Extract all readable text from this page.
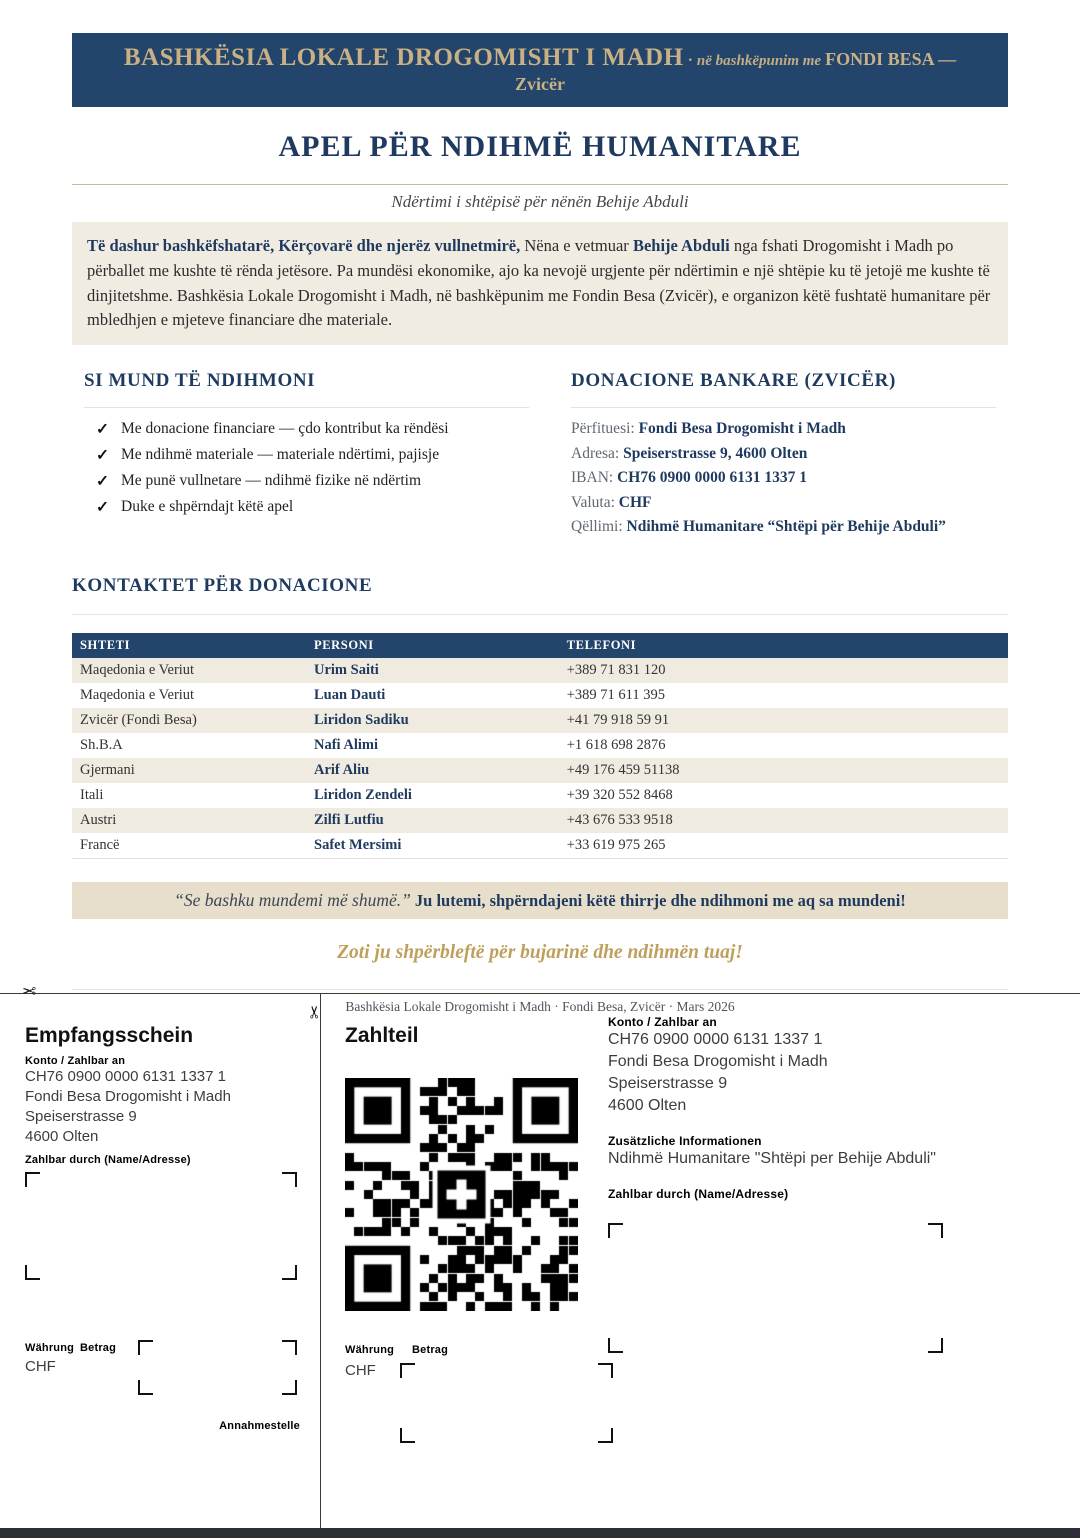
BASHKËSIA LOKALE DROGOMISHT I MADH · në bashkëpunim me FONDI BESA —
Zvicër
APEL PËR NDIHMË HUMANITARE
Ndërtimi i shtëpisë për nënën Behije Abduli
Të dashur bashkëfshatarë, Kërçovarë dhe njerëz vullnetmirë, Nëna e vetmuar Behije Abduli nga fshati Drogomisht i Madh po përballet me kushte të rënda jetësore. Pa mundësi ekonomike, ajo ka nevojë urgjente për ndërtimin e një shtëpie ku të jetojë me kushte të dinjitetshme. Bashkësia Lokale Drogomisht i Madh, në bashkëpunim me Fondin Besa (Zvicër), e organizon këtë fushtatë humanitare për mbledhjen e mjeteve financiare dhe materiale.
SI MUND TË NDIHMONI
✓ Me donacione financiare — çdo kontribut ka rëndësi
✓ Me ndihmë materiale — materiale ndërtimi, pajisje
✓ Me punë vullnetare — ndihmë fizike në ndërtim
✓ Duke e shpërndajt këtë apel
DONACIONE BANKARE (ZVICËR)
Përfituesi: Fondi Besa Drogomisht i Madh
Adresa: Speiserstrasse 9, 4600 Olten
IBAN: CH76 0900 0000 6131 1337 1
Valuta: CHF
Qëllimi: Ndihmë Humanitare “Shtëpi për Behije Abduli”
KONTAKTET PËR DONACIONE
SHTETI	PERSONI	TELEFONI
Maqedonia e Veriut	Urim Saiti	+389 71 831 120
Maqedonia e Veriut	Luan Dauti	+389 71 611 395
Zvicër (Fondi Besa)	Liridon Sadiku	+41 79 918 59 91
Sh.B.A	Nafi Alimi	+1 618 698 2876
Gjermani	Arif Aliu	+49 176 459 51138
Itali	Liridon Zendeli	+39 320 552 8468
Austri	Zilfi Lutfiu	+43 676 533 9518
Francë	Safet Mersimi	+33 619 975 265
“Se bashku mundemi më shumë.” Ju lutemi, shpërndajeni këtë thirrje dhe ndihmoni me aq sa mundeni!
Zoti ju shpërbleftë për bujarinë dhe ndihmën tuaj!
Bashkësia Lokale Drogomisht i Madh · Fondi Besa, Zvicër · Mars 2026
✂
✂
Empfangsschein
Konto / Zahlbar an
CH76 0900 0000 6131 1337 1
Fondi Besa Drogomisht i Madh
Speiserstrasse 9
4600 Olten
Zahlbar durch (Name/Adresse)
Währung Betrag
CHF
Annahmestelle
Zahlteil
Konto / Zahlbar an
CH76 0900 0000 6131 1337 1
Fondi Besa Drogomisht i Madh
Speiserstrasse 9
4600 Olten
Zusätzliche Informationen
Ndihmë Humanitare "Shtëpi per Behije Abduli"
Zahlbar durch (Name/Adresse)
Währung Betrag
CHF
